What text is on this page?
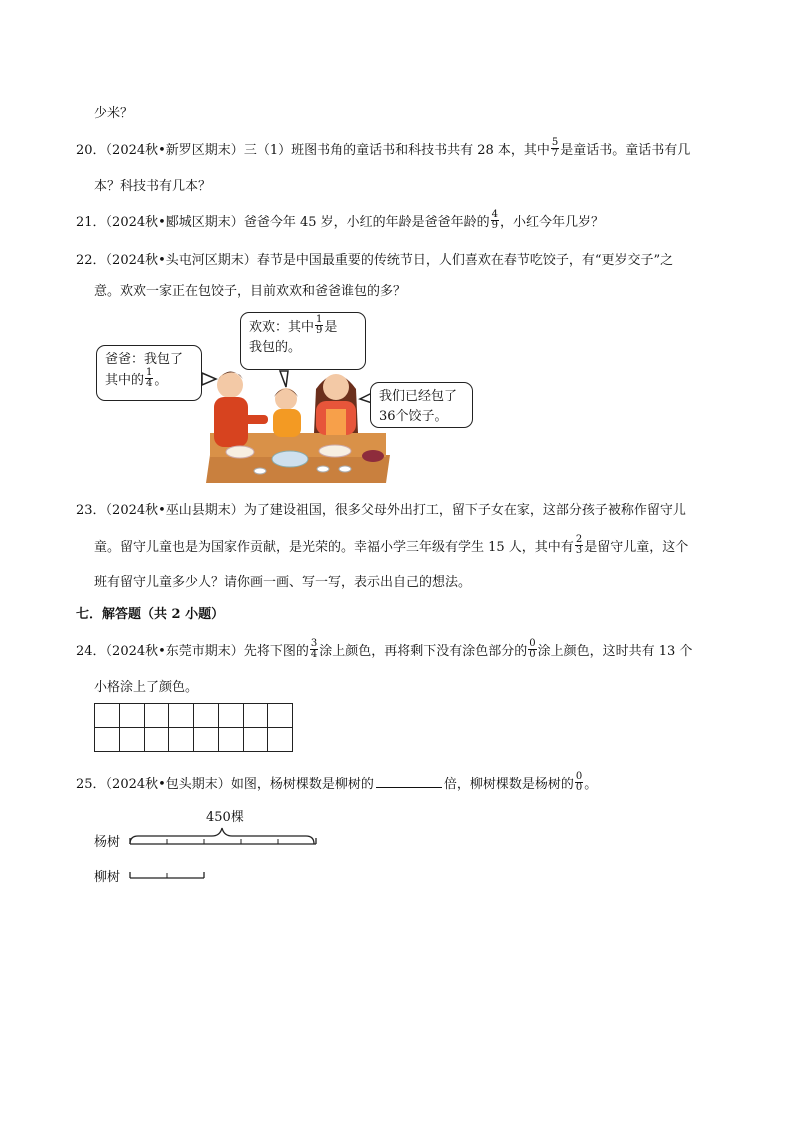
少米？
20．（2024秋•新罗区期末）三（1）班图书角的童话书和科技书共有 28 本，其中 $\frac{5}{7}$ 是童话书。童话书有几
本？科技书有几本？
21．（2024秋•郾城区期末）爸爸今年 45 岁，小红的年龄是爸爸年龄的 $\frac{4}{9}$ ，小红今年几岁？
22．（2024秋•头屯河区期末）春节是中国最重要的传统节日，人们喜欢在春节吃饺子，有“更岁交子”之
意。欢欢一家正在包饺子，目前欢欢和爸爸谁包的多？
欢欢：其中 $\frac{1}{9}$ 是
我包的。
爸爸：我包了
其中的 $\frac{1}{4}$ 。
我们已经包了
36个饺子。
23．（2024秋•巫山县期末）为了建设祖国，很多父母外出打工，留下子女在家，这部分孩子被称作留守儿
童。留守儿童也是为国家作贡献，是光荣的。幸福小学三年级有学生 15 人，其中有 $\frac{2}{3}$ 是留守儿童，这个
班有留守儿童多少人？请你画一画、写一写，表示出自己的想法。
七．解答题（共 2 小题）
24．（2024秋•东莞市期末）先将下图的 $\frac{3}{4}$ 涂上颜色，再将剩下没有涂色部分的 $\frac{0}{0}$ 涂上颜色，这时共有 13 个
小格涂上了颜色。
25．（2024秋•包头期末）如图，杨树棵数是柳树的	倍，柳树棵数是杨树的 $\frac{0}{0}$ 。
450棵
杨树
柳树
